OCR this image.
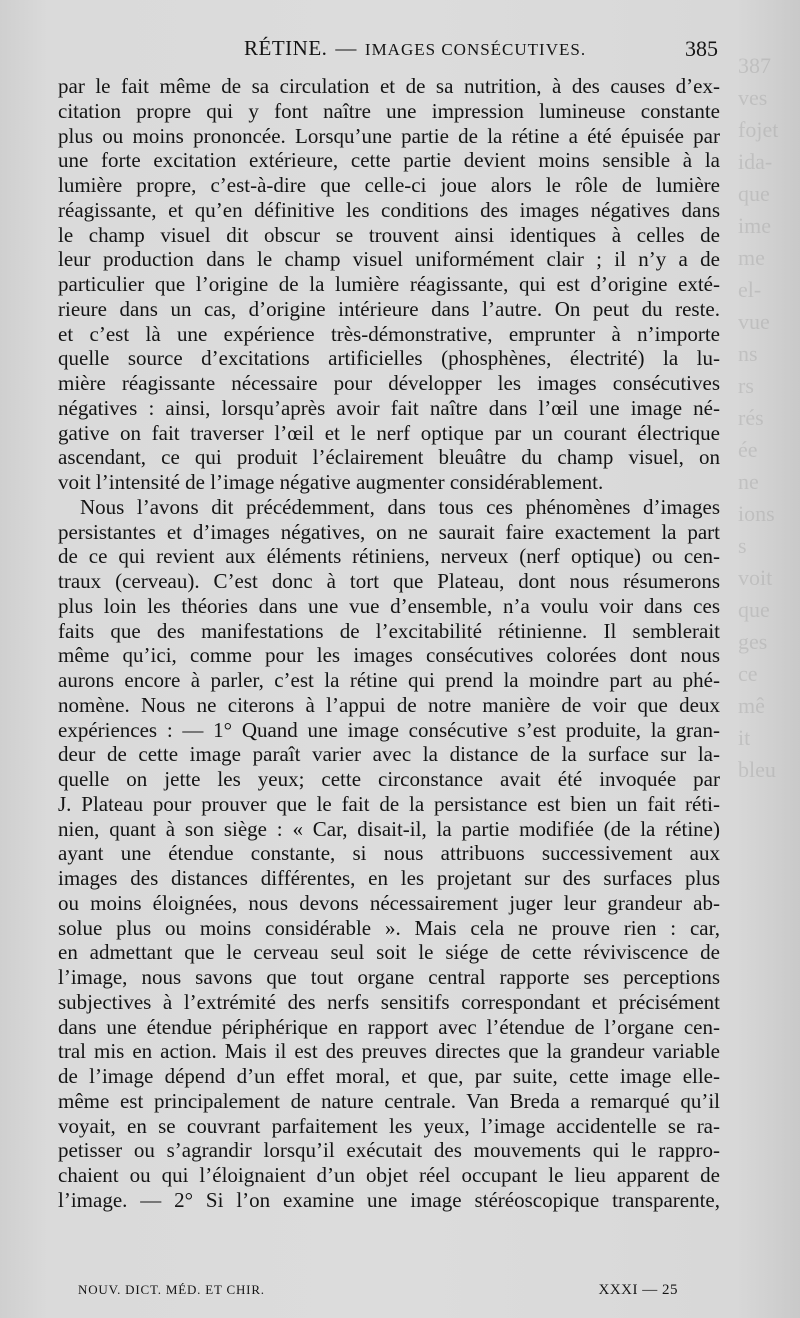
387
ves
fojet
ida-
que
ime
me
el-
vue
ns
rs
rés
ée
ne
ions
s
voit
que
ges
ce
mê
it
bleu
RÉTINE. — IMAGES CONSÉCUTIVES.	385
par le fait même de sa circulation et de sa nutrition, à des causes d’ex-
citation propre qui y font naître une impression lumineuse constante
plus ou moins prononcée. Lorsqu’une partie de la rétine a été épuisée par
une forte excitation extérieure, cette partie devient moins sensible à la
lumière propre, c’est-à-dire que celle-ci joue alors le rôle de lumière
réagissante, et qu’en définitive les conditions des images négatives dans
le champ visuel dit obscur se trouvent ainsi identiques à celles de
leur production dans le champ visuel uniformément clair ; il n’y a de
particulier que l’origine de la lumière réagissante, qui est d’origine exté-
rieure dans un cas, d’origine intérieure dans l’autre. On peut du reste.
et c’est là une expérience très-démonstrative, emprunter à n’importe
quelle source d’excitations artificielles (phosphènes, électrité) la lu-
mière réagissante nécessaire pour développer les images consécutives
négatives : ainsi, lorsqu’après avoir fait naître dans l’œil une image né-
gative on fait traverser l’œil et le nerf optique par un courant électrique
ascendant, ce qui produit l’éclairement bleuâtre du champ visuel, on
voit l’intensité de l’image négative augmenter considérablement.
Nous l’avons dit précédemment, dans tous ces phénomènes d’images
persistantes et d’images négatives, on ne saurait faire exactement la part
de ce qui revient aux éléments rétiniens, nerveux (nerf optique) ou cen-
traux (cerveau). C’est donc à tort que Plateau, dont nous résumerons
plus loin les théories dans une vue d’ensemble, n’a voulu voir dans ces
faits que des manifestations de l’excitabilité rétinienne. Il semblerait
même qu’ici, comme pour les images consécutives colorées dont nous
aurons encore à parler, c’est la rétine qui prend la moindre part au phé-
nomène. Nous ne citerons à l’appui de notre manière de voir que deux
expériences : — 1° Quand une image consécutive s’est produite, la gran-
deur de cette image paraît varier avec la distance de la surface sur la-
quelle on jette les yeux; cette circonstance avait été invoquée par
J. Plateau pour prouver que le fait de la persistance est bien un fait réti-
nien, quant à son siège : « Car, disait-il, la partie modifiée (de la rétine)
ayant une étendue constante, si nous attribuons successivement aux
images des distances différentes, en les projetant sur des surfaces plus
ou moins éloignées, nous devons nécessairement juger leur grandeur ab-
solue plus ou moins considérable ». Mais cela ne prouve rien : car,
en admettant que le cerveau seul soit le siége de cette réviviscence de
l’image, nous savons que tout organe central rapporte ses perceptions
subjectives à l’extrémité des nerfs sensitifs correspondant et précisément
dans une étendue périphérique en rapport avec l’étendue de l’organe cen-
tral mis en action. Mais il est des preuves directes que la grandeur variable
de l’image dépend d’un effet moral, et que, par suite, cette image elle-
même est principalement de nature centrale. Van Breda a remarqué qu’il
voyait, en se couvrant parfaitement les yeux, l’image accidentelle se ra-
petisser ou s’agrandir lorsqu’il exécutait des mouvements qui le rappro-
chaient ou qui l’éloignaient d’un objet réel occupant le lieu apparent de
l’image. — 2° Si l’on examine une image stéréoscopique transparente,
NOUV. DICT. MÉD. ET CHIR.	XXXI — 25
